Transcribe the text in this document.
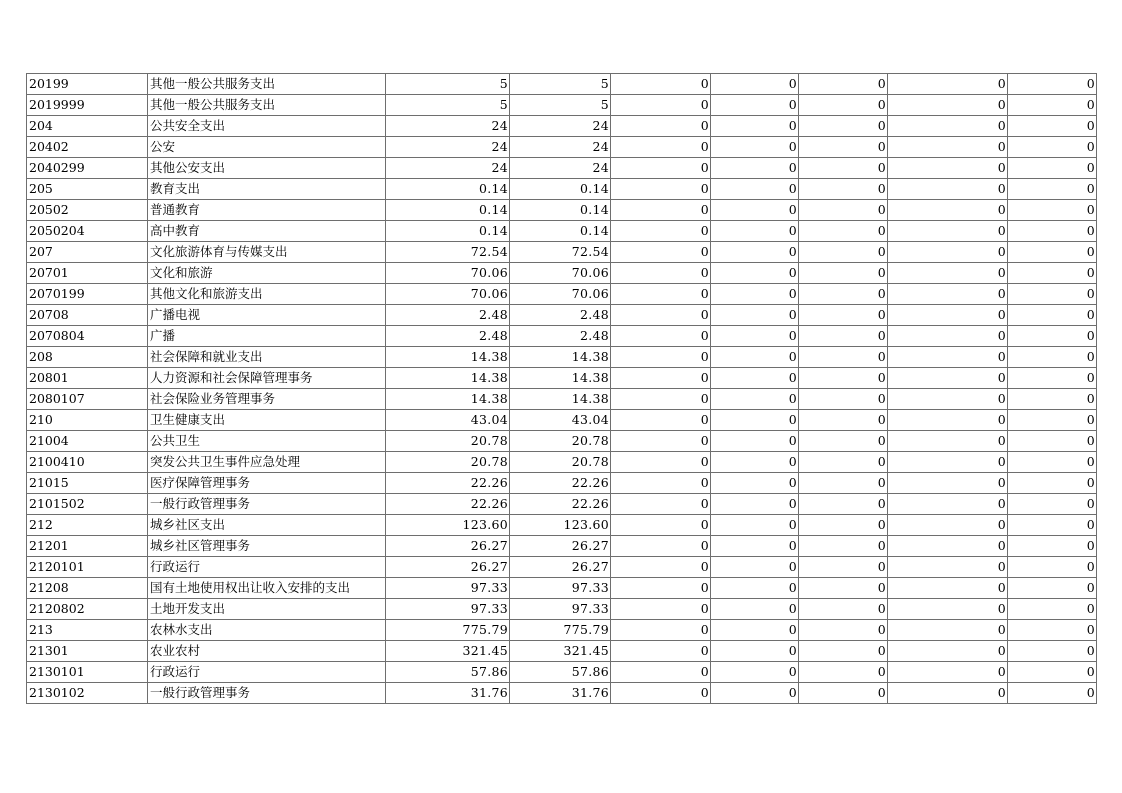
20199	其他一般公共服务支出	5	5	0	0	0	0	0
2019999	其他一般公共服务支出	5	5	0	0	0	0	0
204	公共安全支出	24	24	0	0	0	0	0
20402	公安	24	24	0	0	0	0	0
2040299	其他公安支出	24	24	0	0	0	0	0
205	教育支出	0.14	0.14	0	0	0	0	0
20502	普通教育	0.14	0.14	0	0	0	0	0
2050204	高中教育	0.14	0.14	0	0	0	0	0
207	文化旅游体育与传媒支出	72.54	72.54	0	0	0	0	0
20701	文化和旅游	70.06	70.06	0	0	0	0	0
2070199	其他文化和旅游支出	70.06	70.06	0	0	0	0	0
20708	广播电视	2.48	2.48	0	0	0	0	0
2070804	广播	2.48	2.48	0	0	0	0	0
208	社会保障和就业支出	14.38	14.38	0	0	0	0	0
20801	人力资源和社会保障管理事务	14.38	14.38	0	0	0	0	0
2080107	社会保险业务管理事务	14.38	14.38	0	0	0	0	0
210	卫生健康支出	43.04	43.04	0	0	0	0	0
21004	公共卫生	20.78	20.78	0	0	0	0	0
2100410	突发公共卫生事件应急处理	20.78	20.78	0	0	0	0	0
21015	医疗保障管理事务	22.26	22.26	0	0	0	0	0
2101502	一般行政管理事务	22.26	22.26	0	0	0	0	0
212	城乡社区支出	123.60	123.60	0	0	0	0	0
21201	城乡社区管理事务	26.27	26.27	0	0	0	0	0
2120101	行政运行	26.27	26.27	0	0	0	0	0
21208	国有土地使用权出让收入安排的支出	97.33	97.33	0	0	0	0	0
2120802	土地开发支出	97.33	97.33	0	0	0	0	0
213	农林水支出	775.79	775.79	0	0	0	0	0
21301	农业农村	321.45	321.45	0	0	0	0	0
2130101	行政运行	57.86	57.86	0	0	0	0	0
2130102	一般行政管理事务	31.76	31.76	0	0	0	0	0
